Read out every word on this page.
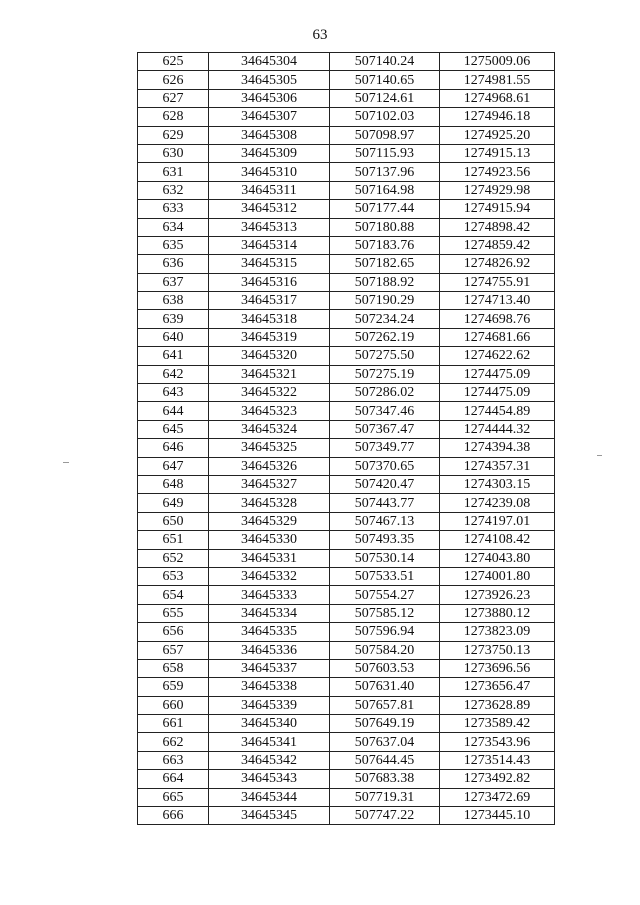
63
625	34645304	507140.24	1275009.06
626	34645305	507140.65	1274981.55
627	34645306	507124.61	1274968.61
628	34645307	507102.03	1274946.18
629	34645308	507098.97	1274925.20
630	34645309	507115.93	1274915.13
631	34645310	507137.96	1274923.56
632	34645311	507164.98	1274929.98
633	34645312	507177.44	1274915.94
634	34645313	507180.88	1274898.42
635	34645314	507183.76	1274859.42
636	34645315	507182.65	1274826.92
637	34645316	507188.92	1274755.91
638	34645317	507190.29	1274713.40
639	34645318	507234.24	1274698.76
640	34645319	507262.19	1274681.66
641	34645320	507275.50	1274622.62
642	34645321	507275.19	1274475.09
643	34645322	507286.02	1274475.09
644	34645323	507347.46	1274454.89
645	34645324	507367.47	1274444.32
646	34645325	507349.77	1274394.38
647	34645326	507370.65	1274357.31
648	34645327	507420.47	1274303.15
649	34645328	507443.77	1274239.08
650	34645329	507467.13	1274197.01
651	34645330	507493.35	1274108.42
652	34645331	507530.14	1274043.80
653	34645332	507533.51	1274001.80
654	34645333	507554.27	1273926.23
655	34645334	507585.12	1273880.12
656	34645335	507596.94	1273823.09
657	34645336	507584.20	1273750.13
658	34645337	507603.53	1273696.56
659	34645338	507631.40	1273656.47
660	34645339	507657.81	1273628.89
661	34645340	507649.19	1273589.42
662	34645341	507637.04	1273543.96
663	34645342	507644.45	1273514.43
664	34645343	507683.38	1273492.82
665	34645344	507719.31	1273472.69
666	34645345	507747.22	1273445.10
